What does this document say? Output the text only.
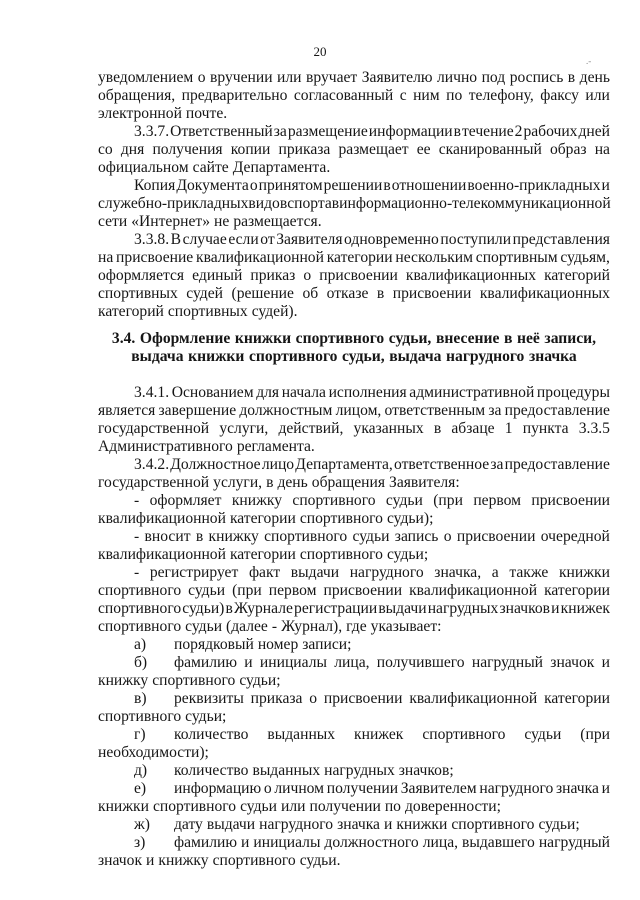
20
.-
уведомлением о вручении или вручает Заявителю лично под роспись в день
обращения, предварительно согласованный с ним по телефону, факсу или
электронной почте.
3.3.7. Ответственный за размещение информации в течение 2 рабочих дней
со дня получения копии приказа размещает ее сканированный образ на
официальном сайте Департамента.
Копия Документа о принятом решении в отношении военно-прикладных и
служебно-прикладных видов спорта в информационно-телекоммуникационной
сети «Интернет» не размещается.
3.3.8. В случае если от Заявителя одновременно поступили представления
на присвоение квалификационной категории нескольким спортивным судьям,
оформляется единый приказ о присвоении квалификационных категорий
спортивных судей (решение об отказе в присвоении квалификационных
категорий спортивных судей).
3.4. Оформление книжки спортивного судьи, внесение в неё записи,
выдача книжки спортивного судьи, выдача нагрудного значка
3.4.1. Основанием для начала исполнения административной процедуры
является завершение должностным лицом, ответственным за предоставление
государственной услуги, действий, указанных в абзаце 1 пункта 3.3.5
Административного регламента.
3.4.2. Должностное лицо Департамента, ответственное за предоставление
государственной услуги, в день обращения Заявителя:
- оформляет книжку спортивного судьи (при первом присвоении
квалификационной категории спортивного судьи);
- вносит в книжку спортивного судьи запись о присвоении очередной
квалификационной категории спортивного судьи;
- регистрирует факт выдачи нагрудного значка, а также книжки
спортивного судьи (при первом присвоении квалификационной категории
спортивного судьи) в Журнале регистрации выдачи нагрудных значков и книжек
спортивного судьи (далее - Журнал), где указывает:
а) порядковый номер записи;
б) фамилию и инициалы лица, получившего нагрудный значок и
книжку спортивного судьи;
в) реквизиты приказа о присвоении квалификационной категории
спортивного судьи;
г) количество выданных книжек спортивного судьи (при
необходимости);
д) количество выданных нагрудных значков;
е) информацию о личном получении Заявителем нагрудного значка и
книжки спортивного судьи или получении по доверенности;
ж) дату выдачи нагрудного значка и книжки спортивного судьи;
з) фамилию и инициалы должностного лица, выдавшего нагрудный
значок и книжку спортивного судьи.
